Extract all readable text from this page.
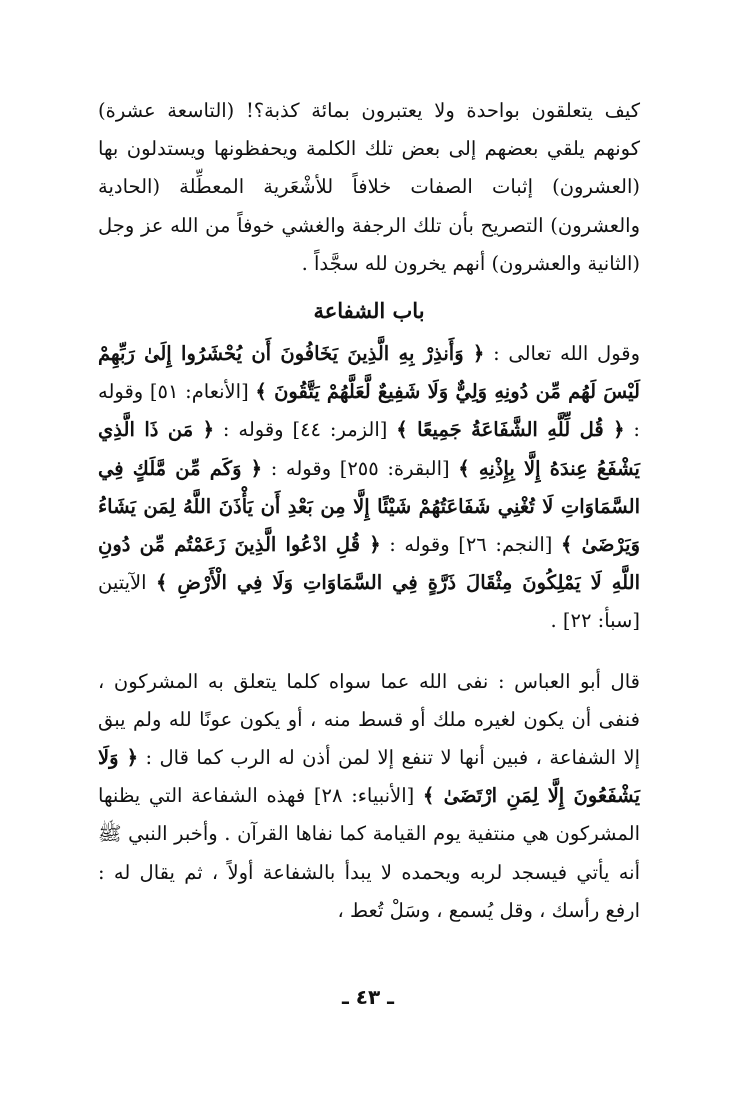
كيف يتعلقون بواحدة ولا يعتبرون بمائة كذبة؟! (التاسعة عشرة) كونهم يلقي بعضهم إلى بعض تلك الكلمة ويحفظونها ويستدلون بها (العشرون) إثبات الصفات خلافاً للأشْعَرية المعطِّلة (الحادية والعشرون) التصريح بأن تلك الرجفة والغشي خوفاً من الله عز وجل (الثانية والعشرون) أنهم يخرون لله سجَّداً .

باب الشفاعة

وقول الله تعالى : ﴿ وَأَنذِرْ بِهِ الَّذِينَ يَخَافُونَ أَن يُحْشَرُوا إِلَىٰ رَبِّهِمْ لَيْسَ لَهُم مِّن دُونِهِ وَلِيٌّ وَلَا شَفِيعٌ لَّعَلَّهُمْ يَتَّقُونَ ﴾ [الأنعام: ٥١] وقوله : ﴿ قُل لِّلَّهِ الشَّفَاعَةُ جَمِيعًا ﴾ [الزمر: ٤٤] وقوله : ﴿ مَن ذَا الَّذِي يَشْفَعُ عِندَهُ إِلَّا بِإِذْنِهِ ﴾ [البقرة: ٢٥٥] وقوله : ﴿ وَكَم مِّن مَّلَكٍ فِي السَّمَاوَاتِ لَا تُغْنِي شَفَاعَتُهُمْ شَيْئًا إِلَّا مِن بَعْدِ أَن يَأْذَنَ اللَّهُ لِمَن يَشَاءُ وَيَرْضَىٰ ﴾ [النجم: ٢٦] وقوله : ﴿ قُلِ ادْعُوا الَّذِينَ زَعَمْتُم مِّن دُونِ اللَّهِ لَا يَمْلِكُونَ مِثْقَالَ ذَرَّةٍ فِي السَّمَاوَاتِ وَلَا فِي الْأَرْضِ ﴾ الآيتين [سبأ: ٢٢] .

قال أبو العباس : نفى الله عما سواه كلما يتعلق به المشركون ، فنفى أن يكون لغيره ملك أو قسط منه ، أو يكون عونًا لله ولم يبق إلا الشفاعة ، فبين أنها لا تنفع إلا لمن أذن له الرب كما قال : ﴿ وَلَا يَشْفَعُونَ إِلَّا لِمَنِ ارْتَضَىٰ ﴾ [الأنبياء: ٢٨] فهذه الشفاعة التي يظنها المشركون هي منتفية يوم القيامة كما نفاها القرآن . وأخبر النبي ﷺ أنه يأتي فيسجد لربه ويحمده لا يبدأ بالشفاعة أولاً ، ثم يقال له : ارفع رأسك ، وقل يُسمع ، وسَلْ تُعط ،

ـ ٤٣ ـ
